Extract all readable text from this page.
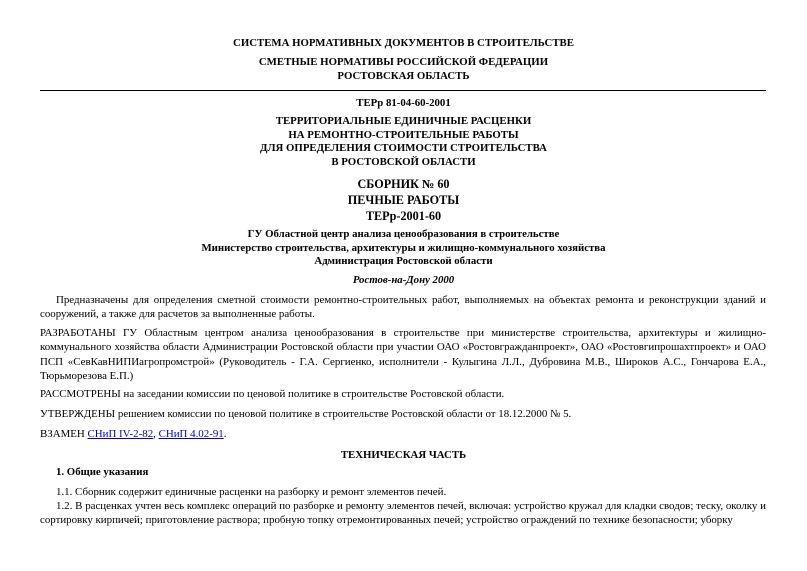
СИСТЕМА НОРМАТИВНЫХ ДОКУМЕНТОВ В СТРОИТЕЛЬСТВЕ

СМЕТНЫЕ НОРМАТИВЫ РОССИЙСКОЙ ФЕДЕРАЦИИ

РОСТОВСКАЯ ОБЛАСТЬ

ТЕРр 81-04-60-2001

ТЕРРИТОРИАЛЬНЫЕ ЕДИНИЧНЫЕ РАСЦЕНКИ

НА РЕМОНТНО-СТРОИТЕЛЬНЫЕ РАБОТЫ

ДЛЯ ОПРЕДЕЛЕНИЯ СТОИМОСТИ СТРОИТЕЛЬСТВА

В РОСТОВСКОЙ ОБЛАСТИ

СБОРНИК № 60

ПЕЧНЫЕ РАБОТЫ

ТЕРр-2001-60

ГУ Областной центр анализа ценообразования в строительстве

Министерство строительства, архитектуры и жилищно-коммунального хозяйства

Администрация Ростовской области

Ростов-на-Дону 2000

Предназначены для определения сметной стоимости ремонтно-строительных работ, выполняемых на объектах ремонта и реконструкции зданий и сооружений, а также для расчетов за выполненные работы.

РАЗРАБОТАНЫ ГУ Областным центром анализа ценообразования в строительстве при министерстве строительства, архитектуры и жилищно-коммунального хозяйства области Администрации Ростовской области при участии ОАО «Ростовгражданпроект», ОАО «Ростовгипрошахтпроект» и ОАО ПСП «СевКавНИПИагропромстрой» (Руководитель - Г.А. Сергиенко, исполнители - Кулыгина Л.Л., Дубровина М.В., Широков А.С., Гончарова Е.А., Тюрьморезова Е.П.)

РАССМОТРЕНЫ на заседании комиссии по ценовой политике в строительстве Ростовской области.

УТВЕРЖДЕНЫ решением комиссии по ценовой политике в строительстве Ростовской области от 18.12.2000 № 5.

ВЗАМЕН СНиП IV-2-82, СНиП 4.02-91.

ТЕХНИЧЕСКАЯ ЧАСТЬ

1. Общие указания

1.1. Сборник содержит единичные расценки на разборку и ремонт элементов печей.

1.2. В расценках учтен весь комплекс операций по разборке и ремонту элементов печей, включая: устройство кружал для кладки сводов; теску, околку и сортировку кирпичей; приготовление раствора; пробную топку отремонтированных печей; устройство ограждений по технике безопасности; уборку
